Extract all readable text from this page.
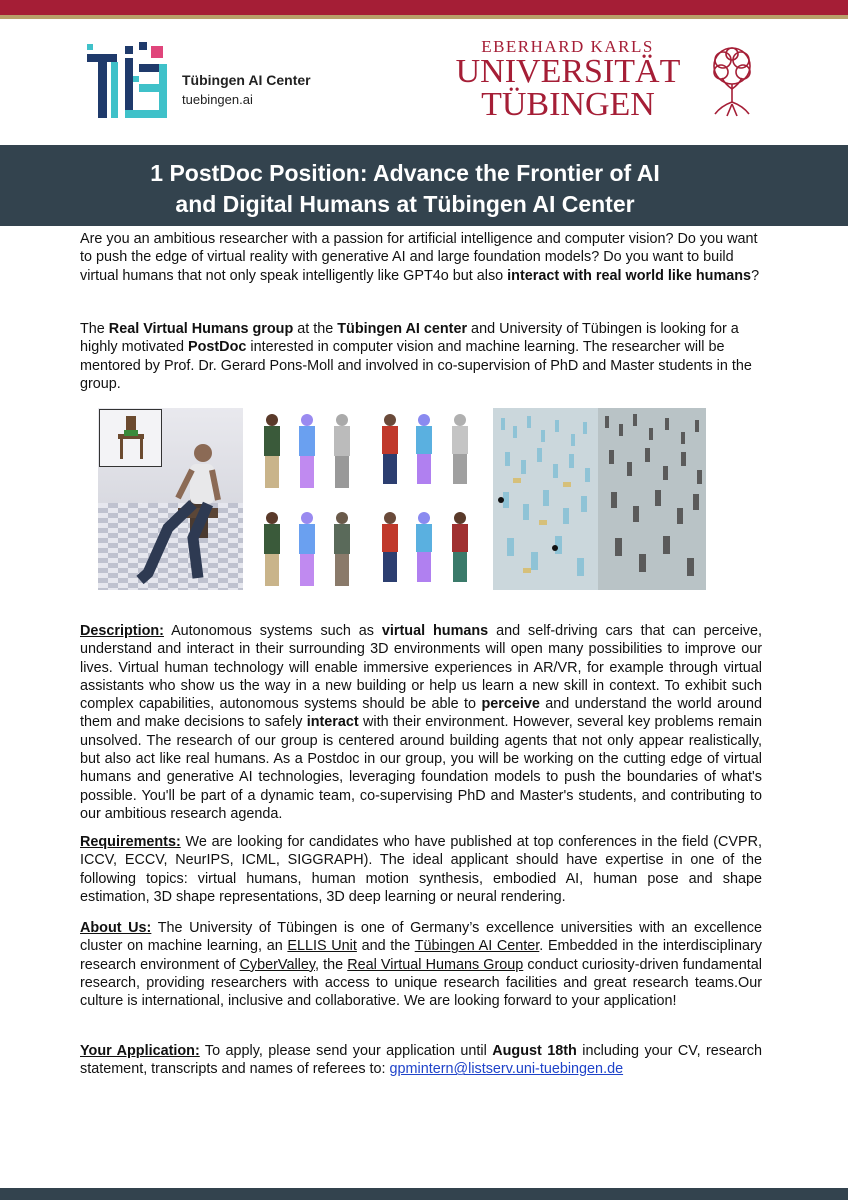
Tübingen AI Center
tuebingen.ai
EBERHARD KARLS
UNIVERSITÄT
TÜBINGEN
1 PostDoc Position: Advance the Frontier of AI
and Digital Humans at Tübingen AI Center
Are you an ambitious researcher with a passion for artificial intelligence and computer vision? Do you want to push the edge of virtual reality with generative AI and large foundation models? Do you want to build virtual humans that not only speak intelligently like GPT4o but also interact with real world like humans?
The Real Virtual Humans group at the Tübingen AI center and University of Tübingen is looking for a highly motivated PostDoc interested in computer vision and machine learning. The researcher will be mentored by Prof. Dr. Gerard Pons-Moll and involved in co-supervision of PhD and Master students in the group.
Description: Autonomous systems such as virtual humans and self-driving cars that can perceive, understand and interact in their surrounding 3D environments will open many possibilities to improve our lives. Virtual human technology will enable immersive experiences in AR/VR, for example through virtual assistants who show us the way in a new building or help us learn a new skill in context. To exhibit such complex capabilities, autonomous systems should be able to perceive and understand the world around them and make decisions to safely interact with their environment. However, several key problems remain unsolved. The research of our group is centered around building agents that not only appear realistically, but also act like real humans. As a Postdoc in our group, you will be working on the cutting edge of virtual humans and generative AI technologies, leveraging foundation models to push the boundaries of what's possible. You'll be part of a dynamic team, co-supervising PhD and Master's students, and contributing to our ambitious research agenda.
Requirements: We are looking for candidates who have published at top conferences in the field (CVPR, ICCV, ECCV, NeurIPS, ICML, SIGGRAPH). The ideal applicant should have expertise in one of the following topics: virtual humans, human motion synthesis, embodied AI, human pose and shape estimation, 3D shape representations, 3D deep learning or neural rendering.
About Us: The University of Tübingen is one of Germany’s excellence universities with an excellence cluster on machine learning, an ELLIS Unit and the Tübingen AI Center. Embedded in the interdisciplinary research environment of CyberValley, the Real Virtual Humans Group conduct curiosity-driven fundamental research, providing researchers with access to unique research facilities and great research teams.Our culture is international, inclusive and collaborative. We are looking forward to your application!
Your Application: To apply, please send your application until August 18th including your CV, research statement, transcripts and names of referees to: gpmintern@listserv.uni-tuebingen.de
